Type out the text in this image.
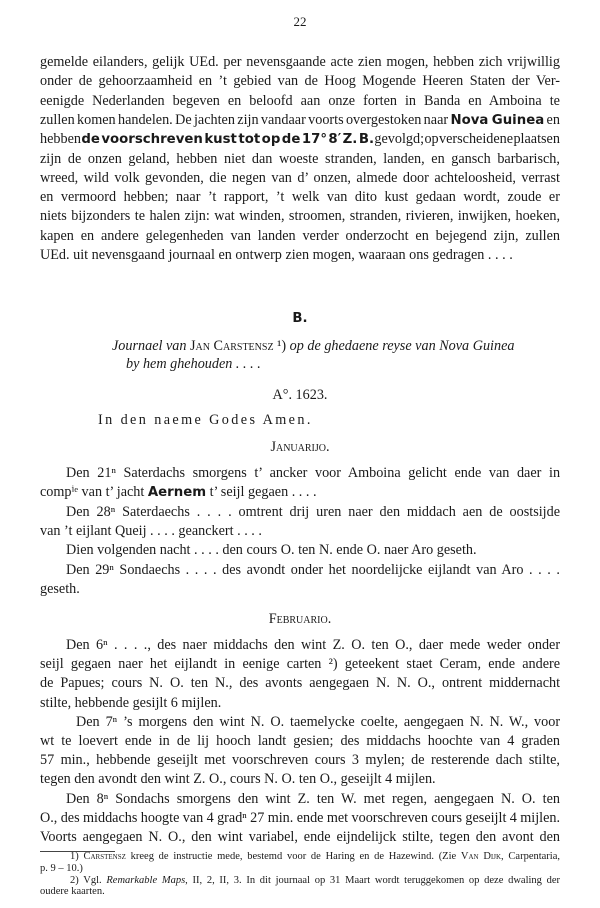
22
gemelde eilanders, gelijk UEd. per nevensgaande acte zien mogen, hebben zich vrijwillig
onder de gehoorzaamheid en ’t gebied van de Hoog Mogende Heeren Staten der Ver-
eenigde Nederlanden begeven en beloofd aan onze forten in Banda en Amboina te
zullen komen handelen. De jachten zijn vandaar voorts overgestoken naar Nova Guinea en
hebben de voorschreven kust tot op de 17° 8′ Z. B. gevolgd; op verscheidene plaatsen
zijn de onzen geland, hebben niet dan woeste stranden, landen, en gansch barbarisch,
wreed, wild volk gevonden, die negen van d’ onzen, almede door achteloosheid, verrast
en vermoord hebben; naar ’t rapport, ’t welk van dito kust gedaan wordt, zoude er
niets bijzonders te halen zijn: wat winden, stroomen, stranden, rivieren, inwijken, hoeken,
kapen en andere gelegenheden van landen verder onderzocht en bejegend zijn, zullen
UEd. uit nevensgaand journaal en ontwerp zien mogen, waaraan ons gedragen . . . .
B.
Journael van Jan Carstensz ¹) op de ghedaene reyse van Nova Guinea
by hem ghehouden . . . .
A°. 1623.
In den naeme Godes Amen.
Januarijo.
Den 21ⁿ Saterdachs smorgens t’ ancker voor Amboina gelicht ende van daer in
compⁱᵉ van t’ jacht Aernem t’ seijl gegaen . . . .
Den 28ⁿ Saterdaechs . . . . omtrent drij uren naer den middach aen de oostsijde
van ’t eijlant Queij . . . . geanckert . . . .
Dien volgenden nacht . . . . den cours O. ten N. ende O. naer Aro geseth.
Den 29ⁿ Sondaechs . . . . des avondt onder het noordelijcke eijlandt van Aro . . . .
geseth.
Februario.
Den 6ⁿ . . . ., des naer middachs den wint Z. O. ten O., daer mede weder onder
seijl gegaen naer het eijlandt in eenige carten ²) geteekent staet Ceram, ende andere
de Papues; cours N. O. ten N., des avonts aengegaen N. N. O., ontrent middernacht
stilte, hebbende gesijlt 6 mijlen.
Den 7ⁿ ’s morgens den wint N. O. taemelycke coelte, aengegaen N. N. W., voor
wt te loevert ende in de lij hooch landt gesien; des middachs hoochte van 4 graden
57 min., hebbende geseijlt met voorschreven cours 3 mylen; de resterende dach stilte,
tegen den avondt den wint Z. O., cours N. O. ten O., geseijlt 4 mijlen.
Den 8ⁿ Sondachs smorgens den wint Z. ten W. met regen, aengegaen N. O. ten
O., des middachs hoogte van 4 gradⁿ 27 min. ende met voorschreven cours geseijlt 4 mijlen.
Voorts aengegaen N. O., den wint variabel, ende eijndelijck stilte, tegen den avont den
1) Carstensz kreeg de instructie mede, bestemd voor de Haring en de Hazewind. (Zie Van Dijk, Carpentaria,
p. 9 – 10.)
2) Vgl. Remarkable Maps, II, 2, II, 3. In dit journaal op 31 Maart wordt teruggekomen op deze dwaling der
oudere kaarten.
